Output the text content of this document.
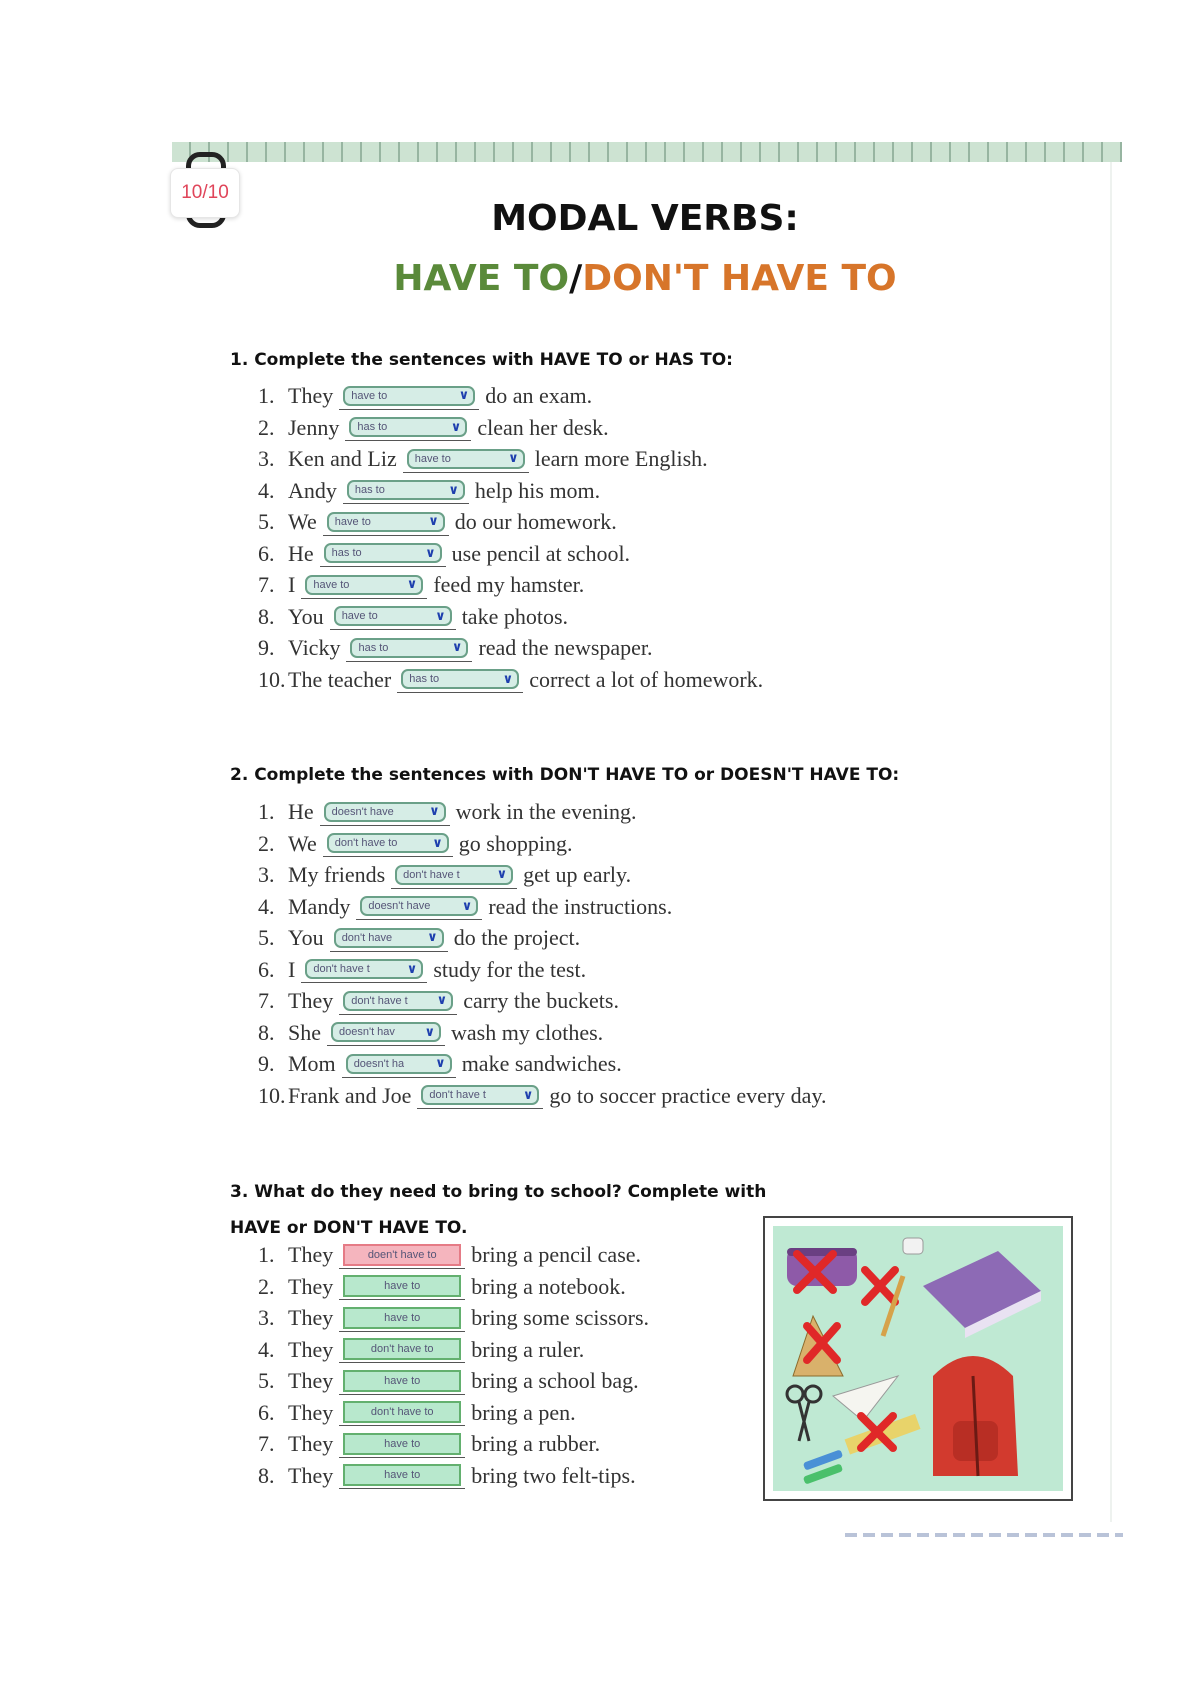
10/10
MODAL VERBS:
HAVE TO/DON'T HAVE TO
1. Complete the sentences with HAVE TO or HAS TO:
1. They have to	∨ do an exam.
2. Jenny has to	∨ clean her desk.
3. Ken and Liz have to	∨ learn more English.
4. Andy has to	∨ help his mom.
5. We have to	∨ do our homework.
6. He has to	∨ use pencil at school.
7. I have to	∨ feed my hamster.
8. You have to	∨ take photos.
9. Vicky has to	∨ read the newspaper.
10. The teacher has to	∨ correct a lot of homework.
2. Complete the sentences with DON'T HAVE TO or DOESN'T HAVE TO:
1. He doesn't have	∨ work in the evening.
2. We don't have to	∨ go shopping.
3. My friends don't have t	∨ get up early.
4. Mandy doesn't have ∨ read the instructions.
5. You don't have	∨ do the project.
6. I don't have t	∨ study for the test.
7. They don't have t ∨ carry the buckets.
8. She doesn't hav ∨ wash my clothes.
9. Mom doesn't ha ∨ make sandwiches.
10. Frank and Joe don't have t	∨ go to soccer practice every day.
3. What do they need to bring to school? Complete with
HAVE or DON'T HAVE TO.
1. They	doen't have to	bring a pencil case.
2. They	have to	bring a notebook.
3. They	have to	bring some scissors.
4. They	don't have to	bring a ruler.
5. They	have to	bring a school bag.
6. They	don't have to	bring a pen.
7. They	have to	bring a rubber.
8. They	have to	bring two felt-tips.
